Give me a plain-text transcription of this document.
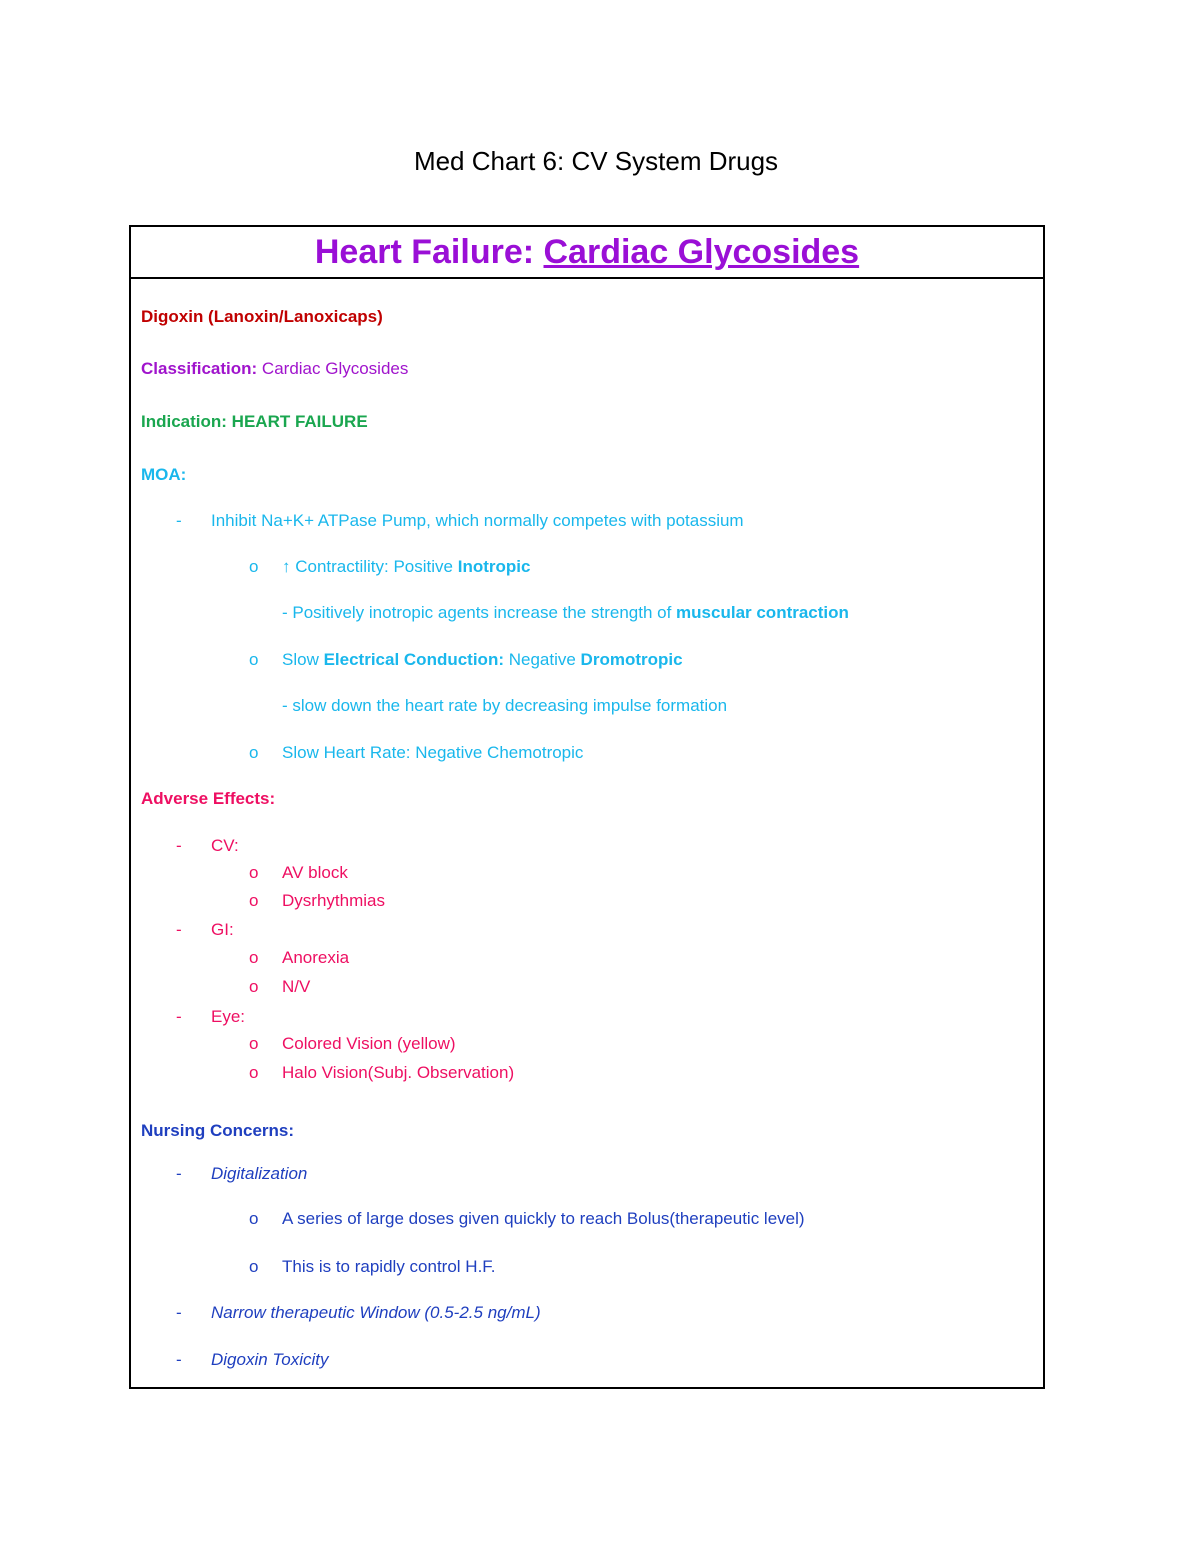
Med Chart 6: CV System Drugs
Heart Failure: Cardiac Glycosides
Digoxin (Lanoxin/Lanoxicaps)
Classification: Cardiac Glycosides
Indication: HEART FAILURE
MOA:
- Inhibit Na+K+ ATPase Pump, which normally competes with potassium
o ↑ Contractility: Positive Inotropic
- Positively inotropic agents increase the strength of muscular contraction
o Slow Electrical Conduction: Negative Dromotropic
- slow down the heart rate by decreasing impulse formation
o Slow Heart Rate: Negative Chemotropic
Adverse Effects:
- CV:
o AV block
o Dysrhythmias
- GI:
o Anorexia
o N/V
- Eye:
o Colored Vision (yellow)
o Halo Vision(Subj. Observation)
Nursing Concerns:
- Digitalization
o A series of large doses given quickly to reach Bolus(therapeutic level)
o This is to rapidly control H.F.
- Narrow therapeutic Window (0.5-2.5 ng/mL)
- Digoxin Toxicity
